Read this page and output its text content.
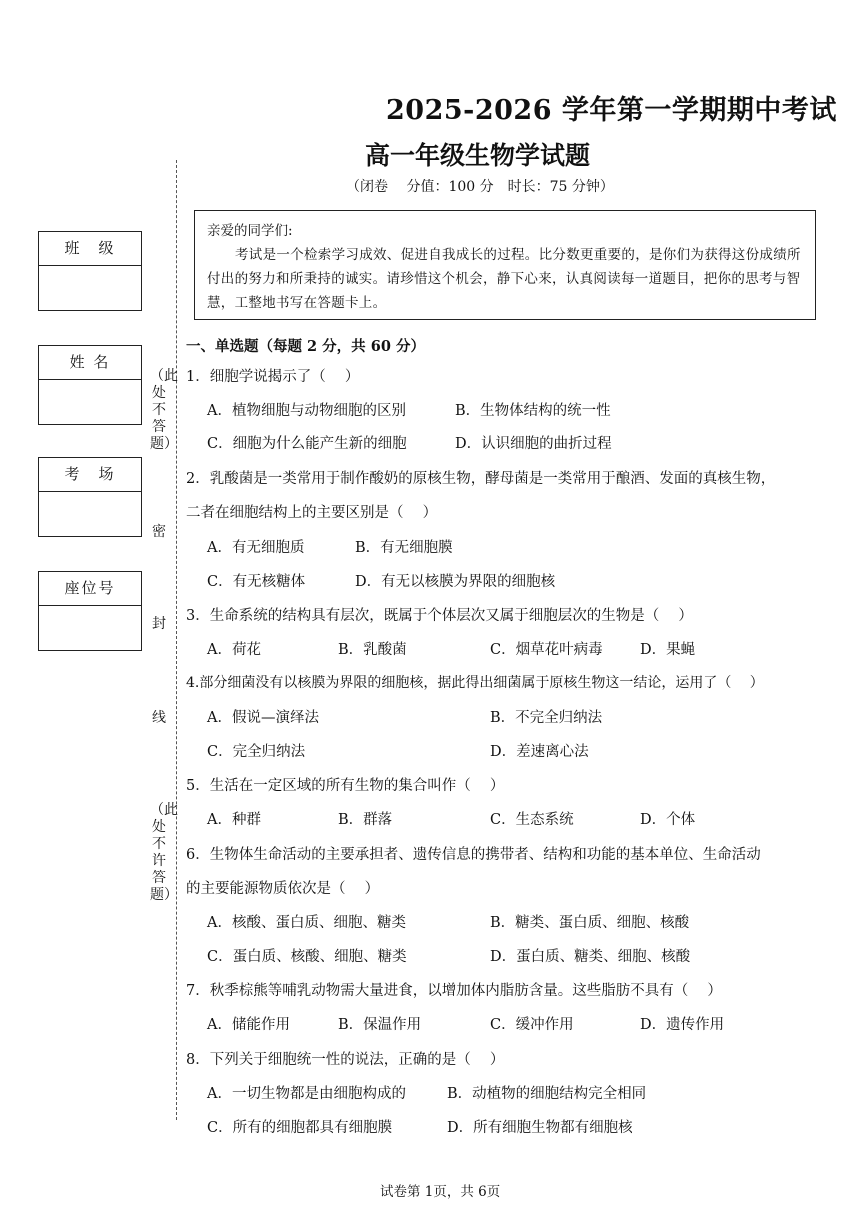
2025-2026 学年第一学期期中考试
高一年级生物学试题
（闭卷　 分值：100 分　时长：75 分钟）

亲爱的同学们:

考试是一个检索学习成效、促进自我成长的过程。比分数更重要的，是你们为获得这份成绩所付出的努力和所秉持的诚实。请珍惜这个机会，静下心来，认真阅读每一道题目，把你的思考与智慧，工整地书写在答题卡上。

班　级
姓 名
考　场
座位号
（此处不答题）
密
封
线
（此处不许答题）
一、单选题（每题 2 分，共 60 分）
1．细胞学说揭示了（　 ）
A．植物细胞与动物细胞的区别	B．生物体结构的统一性
C．细胞为什么能产生新的细胞	D．认识细胞的曲折过程
2．乳酸菌是一类常用于制作酸奶的原核生物，酵母菌是一类常用于酿酒、发面的真核生物，
二者在细胞结构上的主要区别是（　 ）
A．有无细胞质	B．有无细胞膜
C．有无核糖体	D．有无以核膜为界限的细胞核
3．生命系统的结构具有层次，既属于个体层次又属于细胞层次的生物是（　 ）
A．荷花	B．乳酸菌	C．烟草花叶病毒	D．果蝇
4.部分细菌没有以核膜为界限的细胞核，据此得出细菌属于原核生物这一结论，运用了（　 ）
A．假说—演绎法	B．不完全归纳法
C．完全归纳法	D．差速离心法
5．生活在一定区域的所有生物的集合叫作（　 ）
A．种群	B．群落	C．生态系统	D．个体
6．生物体生命活动的主要承担者、遗传信息的携带者、结构和功能的基本单位、生命活动
的主要能源物质依次是（　 ）
A．核酸、蛋白质、细胞、糖类	B．糖类、蛋白质、细胞、核酸
C．蛋白质、核酸、细胞、糖类	D．蛋白质、糖类、细胞、核酸
7．秋季棕熊等哺乳动物需大量进食，以增加体内脂肪含量。这些脂肪不具有（　 ）
A．储能作用	B．保温作用	C．缓冲作用	D．遗传作用
8．下列关于细胞统一性的说法，正确的是（　 ）
A．一切生物都是由细胞构成的	B．动植物的细胞结构完全相同
C．所有的细胞都具有细胞膜	D．所有细胞生物都有细胞核
试卷第 1页，共 6页
